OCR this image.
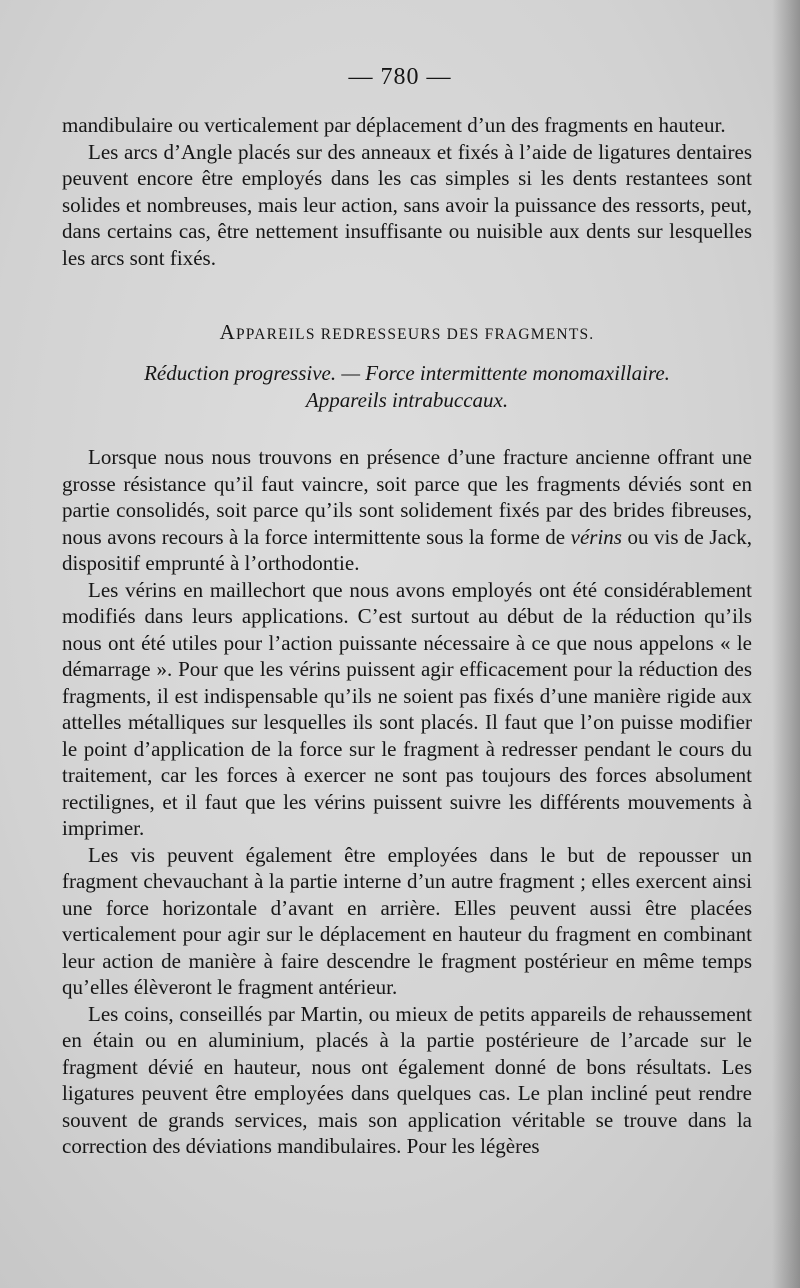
— 780 —

mandibulaire ou verticalement par déplacement d’un des fragments en hauteur.

Les arcs d’Angle placés sur des anneaux et fixés à l’aide de ligatures dentaires peuvent encore être employés dans les cas simples si les dents restantees sont solides et nombreuses, mais leur action, sans avoir la puissance des ressorts, peut, dans certains cas, être nettement insuffisante ou nuisible aux dents sur lesquelles les arcs sont fixés.

APPAREILS REDRESSEURS DES FRAGMENTS.
Réduction progressive. — Force intermittente monomaxillaire.
Appareils intrabuccaux.

Lorsque nous nous trouvons en présence d’une fracture ancienne offrant une grosse résistance qu’il faut vaincre, soit parce que les fragments déviés sont en partie consolidés, soit parce qu’ils sont solidement fixés par des brides fibreuses, nous avons recours à la force intermittente sous la forme de vérins ou vis de Jack, dispositif emprunté à l’orthodontie.

Les vérins en maillechort que nous avons employés ont été considérablement modifiés dans leurs applications. C’est surtout au début de la réduction qu’ils nous ont été utiles pour l’action puissante nécessaire à ce que nous appelons « le démarrage ». Pour que les vérins puissent agir efficacement pour la réduction des fragments, il est indispensable qu’ils ne soient pas fixés d’une manière rigide aux attelles métalliques sur lesquelles ils sont placés. Il faut que l’on puisse modifier le point d’application de la force sur le fragment à redresser pendant le cours du traitement, car les forces à exercer ne sont pas toujours des forces absolument rectilignes, et il faut que les vérins puissent suivre les différents mouvements à imprimer.

Les vis peuvent également être employées dans le but de repousser un fragment chevauchant à la partie interne d’un autre fragment ; elles exercent ainsi une force horizontale d’avant en arrière. Elles peuvent aussi être placées verticalement pour agir sur le déplacement en hauteur du fragment en combinant leur action de manière à faire descendre le fragment postérieur en même temps qu’elles élèveront le fragment antérieur.

Les coins, conseillés par Martin, ou mieux de petits appareils de rehaussement en étain ou en aluminium, placés à la partie postérieure de l’arcade sur le fragment dévié en hauteur, nous ont également donné de bons résultats. Les ligatures peuvent être employées dans quelques cas. Le plan incliné peut rendre souvent de grands services, mais son application véritable se trouve dans la correction des déviations mandibulaires. Pour les légères
